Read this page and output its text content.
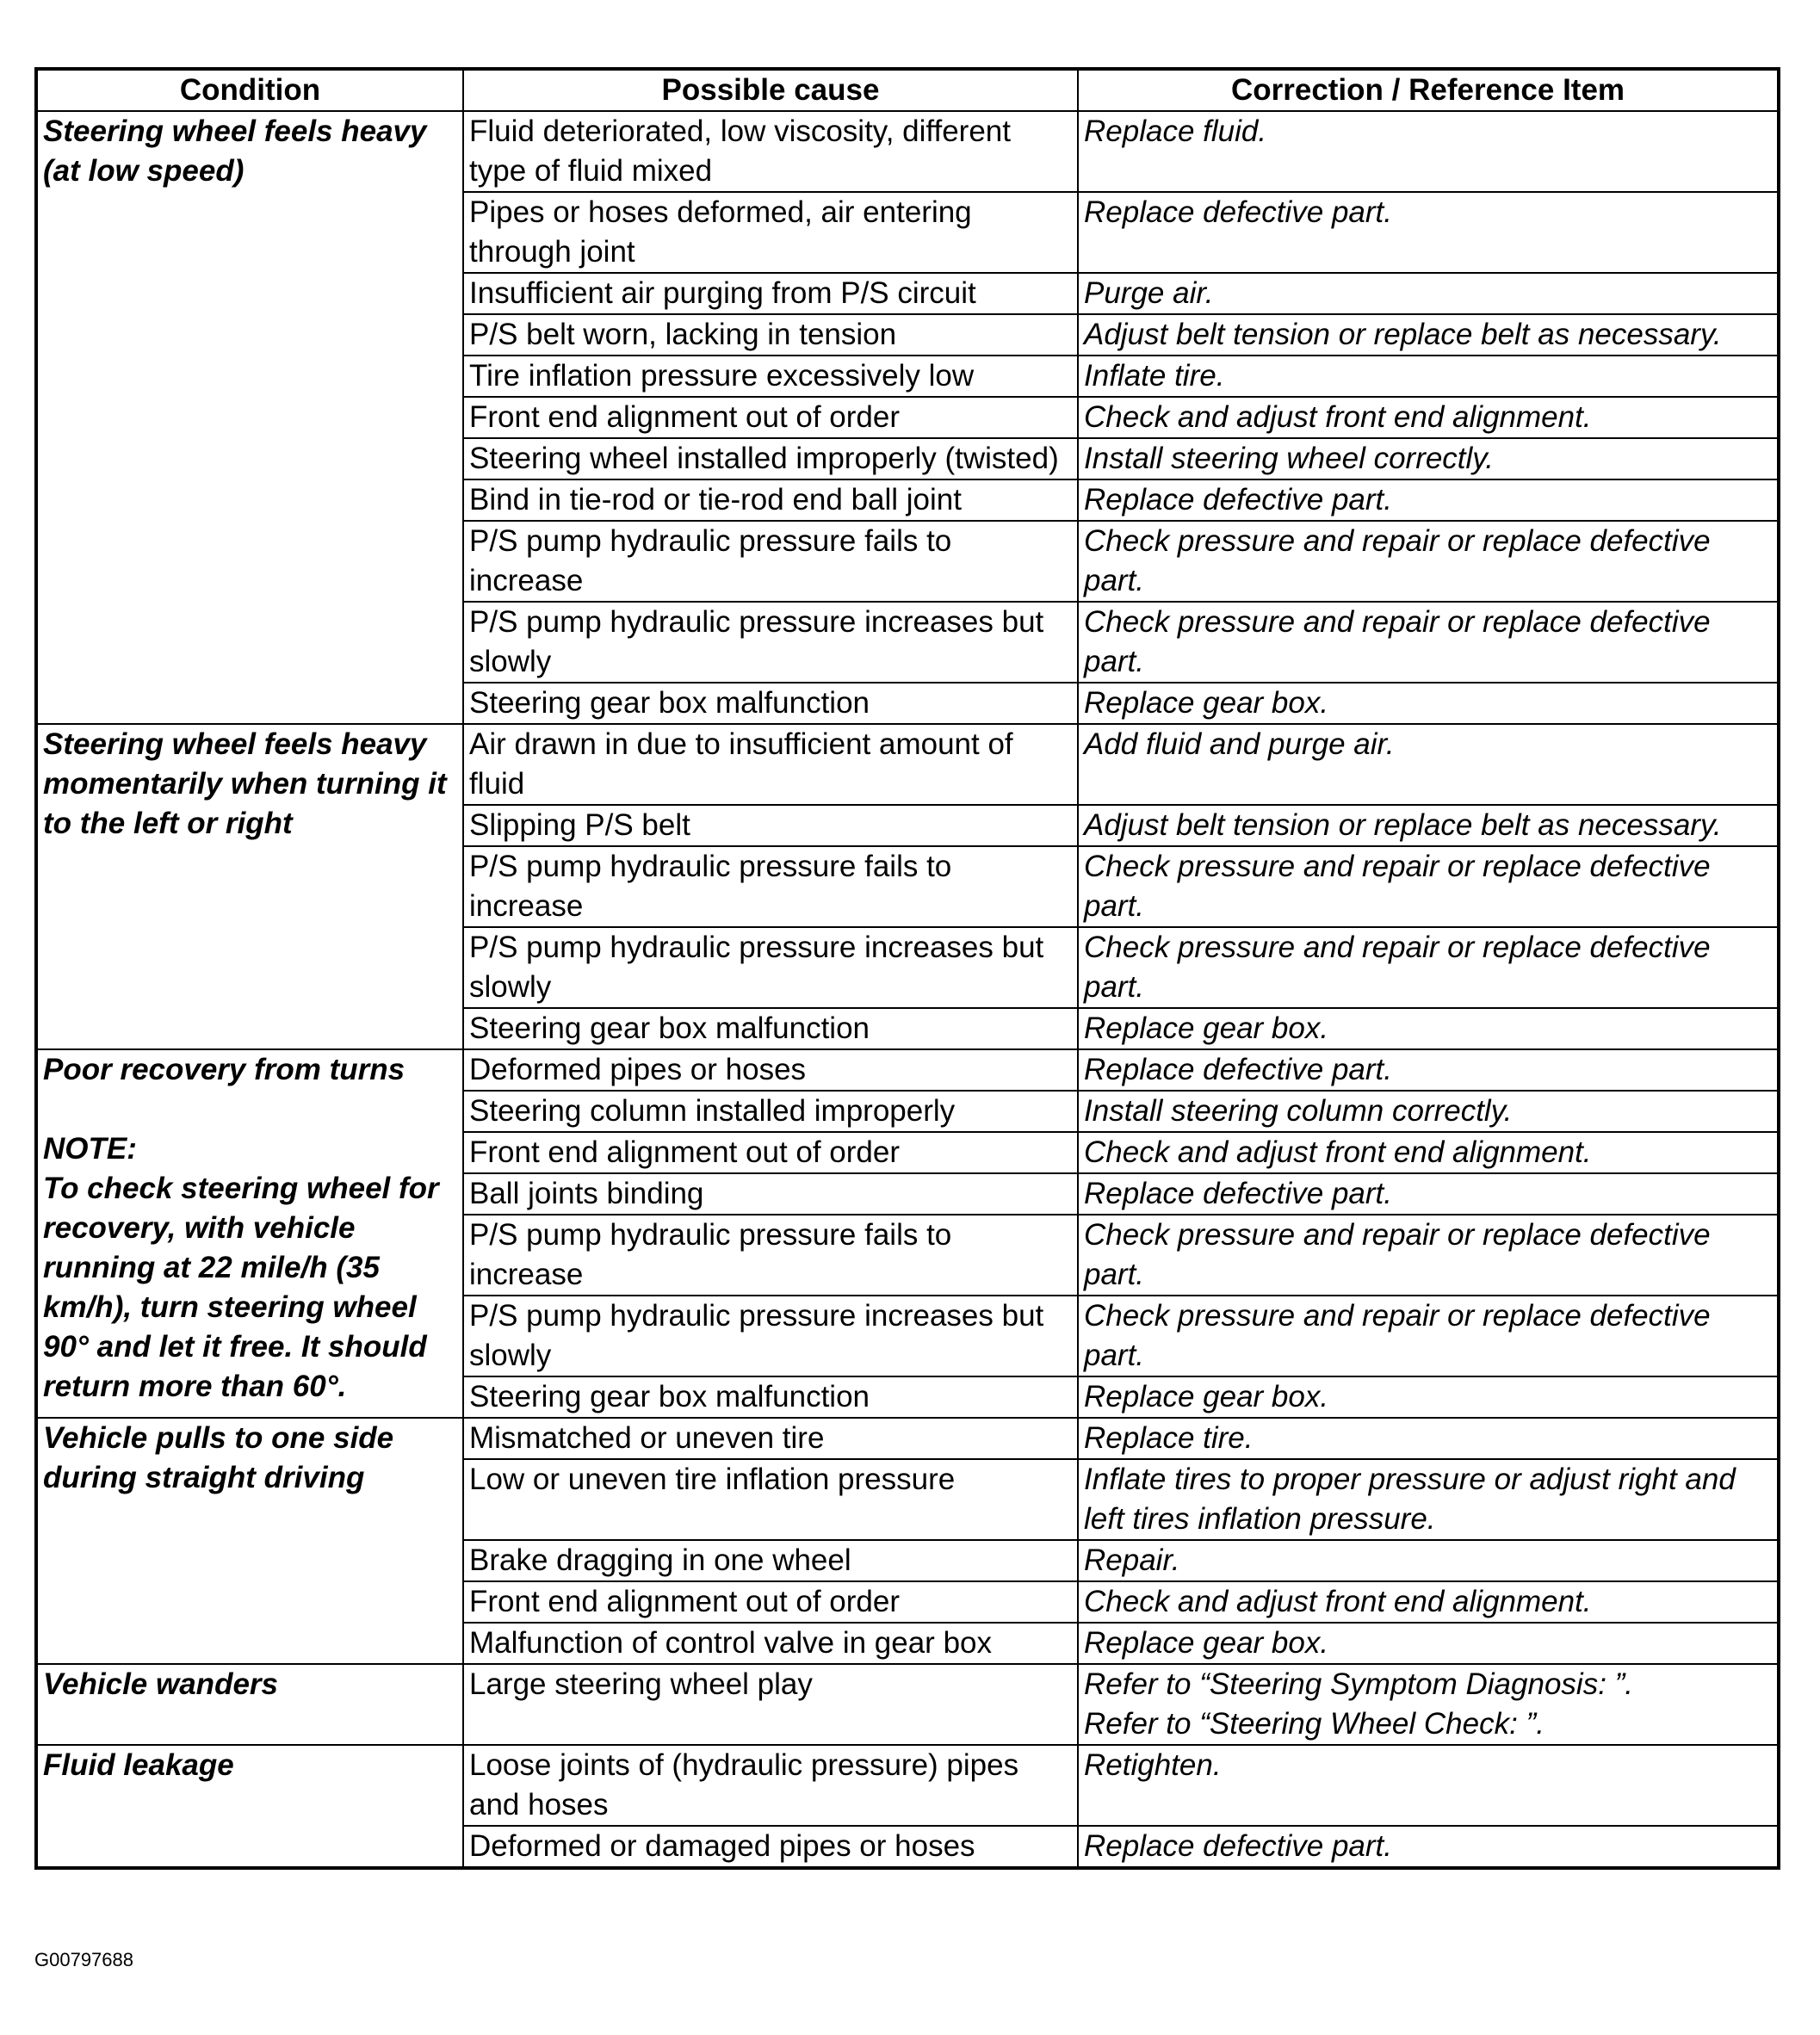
Condition	Possible cause	Correction / Reference Item

Steering wheel feels heavy (at low speed)	Fluid deteriorated, low viscosity, different type of fluid mixed	Replace fluid.

	Pipes or hoses deformed, air entering through joint	Replace defective part.

	Insufficient air purging from P/S circuit	Purge air.

	P/S belt worn, lacking in tension	Adjust belt tension or replace belt as necessary.

	Tire inflation pressure excessively low	Inflate tire.

	Front end alignment out of order	Check and adjust front end alignment.

	Steering wheel installed improperly (twisted)	Install steering wheel correctly.

	Bind in tie-rod or tie-rod end ball joint	Replace defective part.

	P/S pump hydraulic pressure fails to increase	Check pressure and repair or replace defective part.

	P/S pump hydraulic pressure increases but slowly	Check pressure and repair or replace defective part.

	Steering gear box malfunction	Replace gear box.

Steering wheel feels heavy momentarily when turning it to the left or right	Air drawn in due to insufficient amount of fluid	Add fluid and purge air.

	Slipping P/S belt	Adjust belt tension or replace belt as necessary.

	P/S pump hydraulic pressure fails to increase	Check pressure and repair or replace defective part.

	P/S pump hydraulic pressure increases but slowly	Check pressure and repair or replace defective part.

	Steering gear box malfunction	Replace gear box.

Poor recovery from turns
NOTE:
To check steering wheel for recovery, with vehicle running at 22 mile/h (35 km/h), turn steering wheel 90° and let it free. It should return more than 60°.	Deformed pipes or hoses	Replace defective part.

	Steering column installed improperly	Install steering column correctly.

	Front end alignment out of order	Check and adjust front end alignment.

	Ball joints binding	Replace defective part.

	P/S pump hydraulic pressure fails to increase	Check pressure and repair or replace defective part.

	P/S pump hydraulic pressure increases but slowly	Check pressure and repair or replace defective part.

	Steering gear box malfunction	Replace gear box.

Vehicle pulls to one side during straight driving	Mismatched or uneven tire	Replace tire.

	Low or uneven tire inflation pressure	Inflate tires to proper pressure or adjust right and left tires inflation pressure.

	Brake dragging in one wheel	Repair.

	Front end alignment out of order	Check and adjust front end alignment.

	Malfunction of control valve in gear box	Replace gear box.

Vehicle wanders	Large steering wheel play	Refer to “Steering Symptom Diagnosis: ”.
Refer to “Steering Wheel Check: ”.

Fluid leakage	Loose joints of (hydraulic pressure) pipes and hoses	Retighten.

	Deformed or damaged pipes or hoses	Replace defective part.
G00797688
